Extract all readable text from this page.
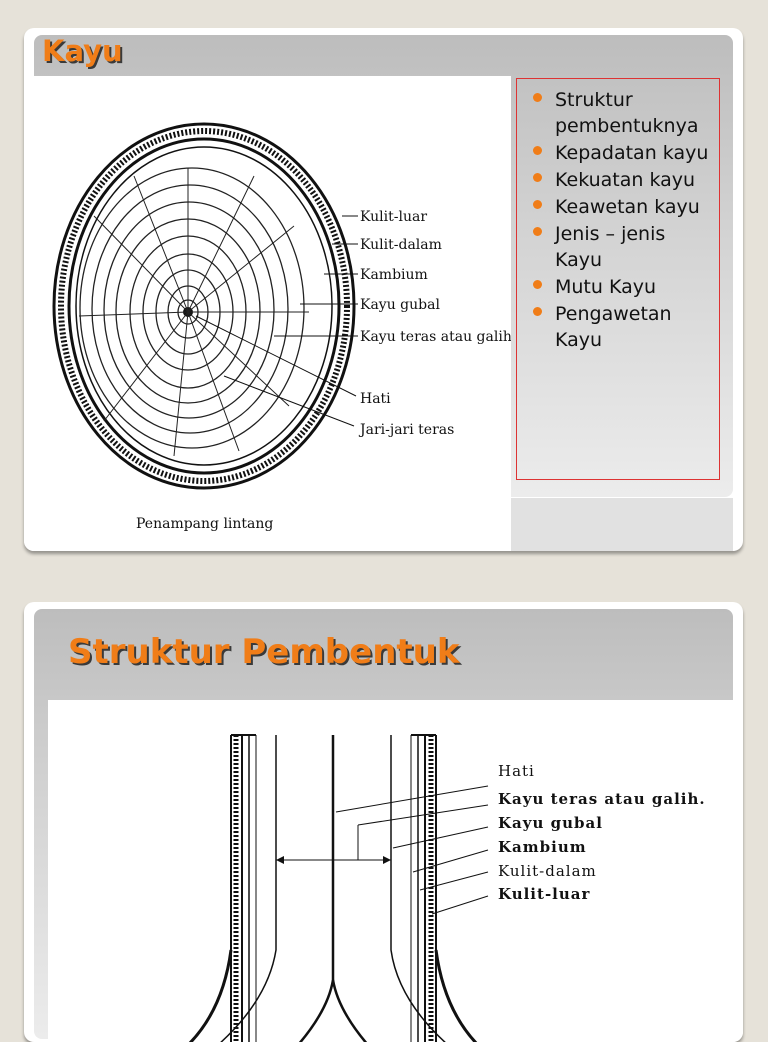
Kayu
Kulit-luar
Kulit-dalam
Kambium
Kayu gubal
Kayu teras atau galih
Hati
Jari-jari teras
Penampang lintang
Struktur pembentuknya
Kepadatan kayu
Kekuatan kayu
Keawetan kayu
Jenis – jenis Kayu
Mutu Kayu
Pengawetan Kayu
Struktur Pembentuk
Hati
Kayu teras atau galih.
Kayu gubal
Kambium
Kulit-dalam
Kulit-luar
